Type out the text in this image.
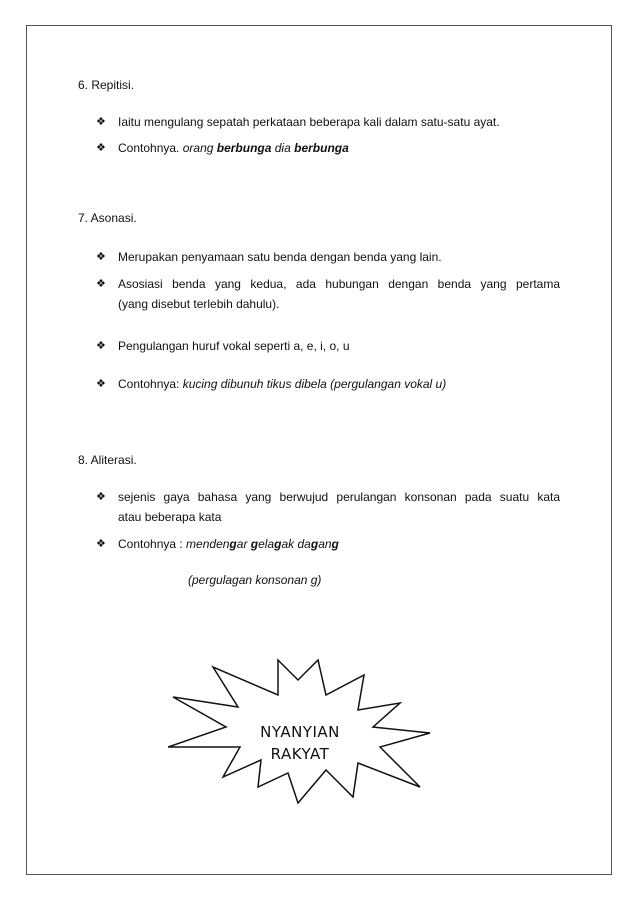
6. Repitisi.
❖	Iaitu mengulang sepatah perkataan beberapa kali dalam satu-satu ayat.
❖	Contohnya. orang berbunga dia berbunga
7. Asonasi.
❖	Merupakan penyamaan satu benda dengan benda yang lain.
❖	Asosiasi benda yang kedua, ada hubungan dengan benda yang pertama
(yang disebut terlebih dahulu).
❖	Pengulangan huruf vokal seperti a, e, i, o, u
❖	Contohnya: kucing dibunuh tikus dibela (pergulangan vokal u)
8. Aliterasi.
❖	sejenis gaya bahasa yang berwujud perulangan konsonan pada suatu kata
atau beberapa kata
❖	Contohnya : mendengar gelagak dagang
(pergulagan konsonan g)
NYANYIAN
RAKYAT
